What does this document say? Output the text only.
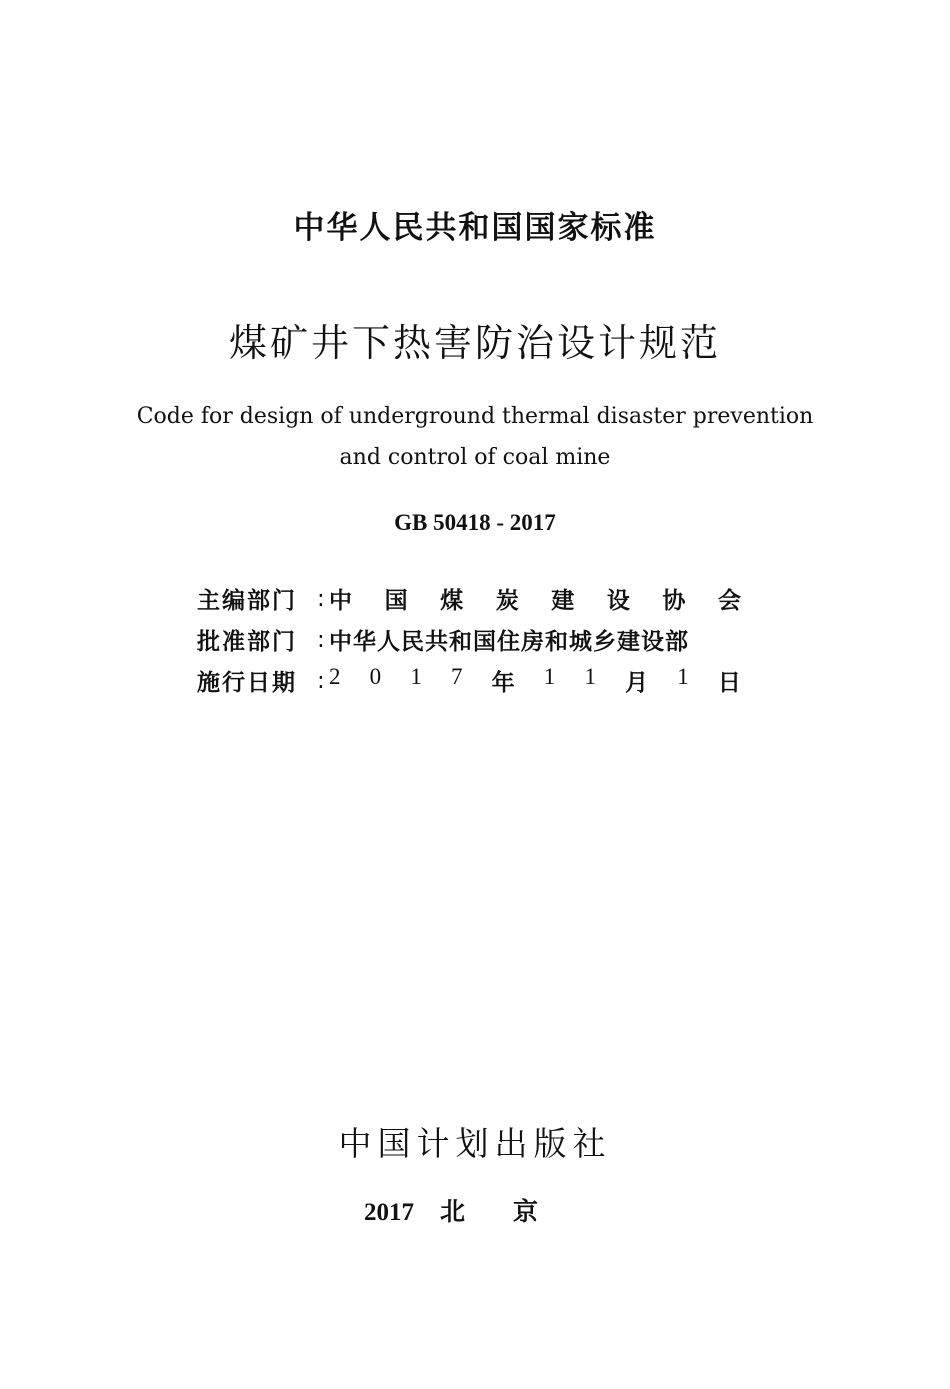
中华人民共和国国家标准
煤矿井下热害防治设计规范
Code for design of underground thermal disaster prevention
and control of coal mine
GB 50418 - 2017
主编部门 : 中 国 煤 炭 建 设 协 会
批准部门 : 中华人民共和国住房和城乡建设部
施行日期 : 2 0 1 7 年 1 1 月 1 日
中国计划出版社
2017 北京
